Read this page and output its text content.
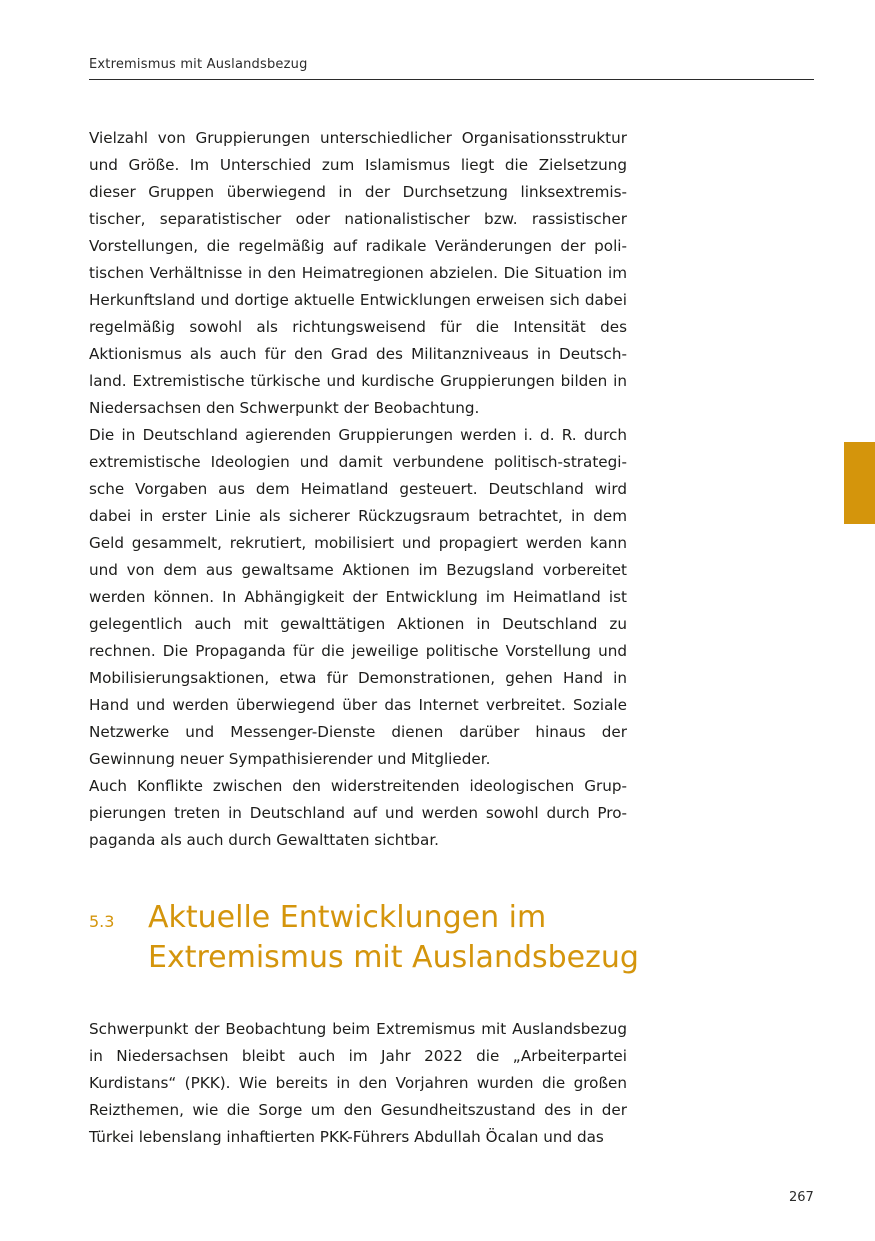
Extremismus mit Auslandsbezug

Vielzahl von Gruppierungen unterschiedlicher Organisationsstruktur und Größe. Im Unterschied zum Islamismus liegt die Zielsetzung dieser Gruppen überwiegend in der Durchsetzung linksextremistischer, separatistischer oder nationalistischer bzw. rassistischer Vorstellungen, die regelmäßig auf radikale Veränderungen der politischen Verhältnisse in den Heimatregionen abzielen. Die Situation im Herkunftsland und dortige aktuelle Entwicklungen erweisen sich dabei regelmäßig sowohl als richtungsweisend für die Intensität des Aktionismus als auch für den Grad des Militanzniveaus in Deutschland. Extremistische türkische und kurdische Gruppierungen bilden in Niedersachsen den Schwerpunkt der Beobachtung.

Die in Deutschland agierenden Gruppierungen werden i. d. R. durch extremistische Ideologien und damit verbundene politisch-strategische Vorgaben aus dem Heimatland gesteuert. Deutschland wird dabei in erster Linie als sicherer Rückzugsraum betrachtet, in dem Geld gesammelt, rekrutiert, mobilisiert und propagiert werden kann und von dem aus gewaltsame Aktionen im Bezugsland vorbereitet werden können. In Abhängigkeit der Entwicklung im Heimatland ist gelegentlich auch mit gewalttätigen Aktionen in Deutschland zu rechnen. Die Propaganda für die jeweilige politische Vorstellung und Mobilisierungsaktionen, etwa für Demonstrationen, gehen Hand in Hand und werden überwiegend über das Internet verbreitet. Soziale Netzwerke und Messenger-Dienste dienen darüber hinaus der Gewinnung neuer Sympathisierender und Mitglieder.

Auch Konflikte zwischen den widerstreitenden ideologischen Gruppierungen treten in Deutschland auf und werden sowohl durch Propaganda als auch durch Gewalttaten sichtbar.

5.3 Aktuelle Entwicklungen im Extremismus mit Auslandsbezug

Schwerpunkt der Beobachtung beim Extremismus mit Auslandsbezug in Niedersachsen bleibt auch im Jahr 2022 die „Arbeiterpartei Kurdistans“ (PKK). Wie bereits in den Vorjahren wurden die großen Reizthemen, wie die Sorge um den Gesundheitszustand des in der Türkei lebenslang inhaftierten PKK-Führers Abdullah Öcalan und das

267
